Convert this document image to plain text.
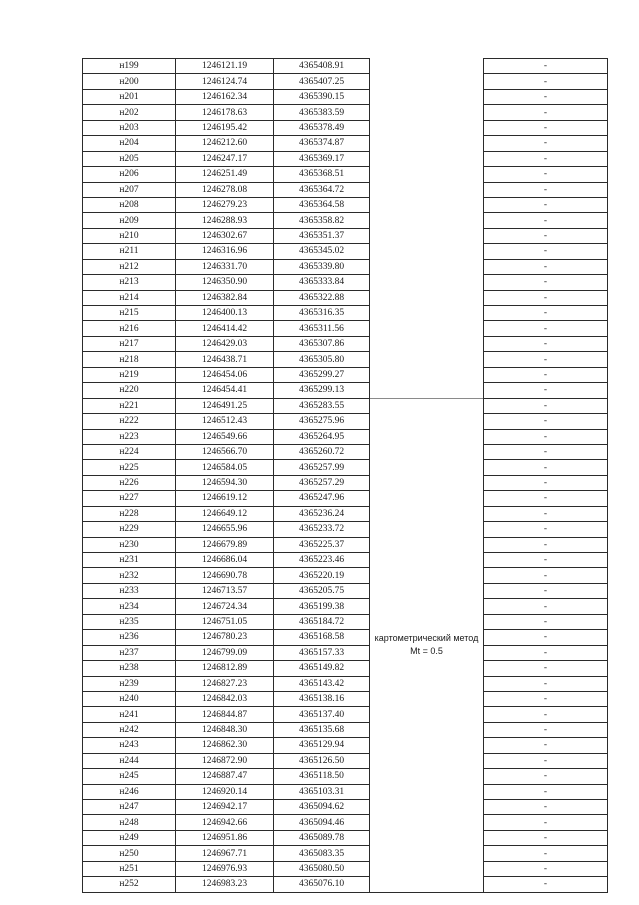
н199	1246121.19	4365408.91		-
н200	1246124.74	4365407.25		-
н201	1246162.34	4365390.15		-
н202	1246178.63	4365383.59		-
н203	1246195.42	4365378.49		-
н204	1246212.60	4365374.87		-
н205	1246247.17	4365369.17		-
н206	1246251.49	4365368.51		-
н207	1246278.08	4365364.72		-
н208	1246279.23	4365364.58		-
н209	1246288.93	4365358.82		-
н210	1246302.67	4365351.37		-
н211	1246316.96	4365345.02		-
н212	1246331.70	4365339.80		-
н213	1246350.90	4365333.84		-
н214	1246382.84	4365322.88		-
н215	1246400.13	4365316.35		-
н216	1246414.42	4365311.56		-
н217	1246429.03	4365307.86		-
н218	1246438.71	4365305.80		-
н219	1246454.06	4365299.27		-
н220	1246454.41	4365299.13		-
н221	1246491.25	4365283.55	картометрический метод Mt = 0.5	-
н222	1246512.43	4365275.96		-
н223	1246549.66	4365264.95		-
н224	1246566.70	4365260.72		-
н225	1246584.05	4365257.99		-
н226	1246594.30	4365257.29		-
н227	1246619.12	4365247.96		-
н228	1246649.12	4365236.24		-
н229	1246655.96	4365233.72		-
н230	1246679.89	4365225.37		-
н231	1246686.04	4365223.46		-
н232	1246690.78	4365220.19		-
н233	1246713.57	4365205.75		-
н234	1246724.34	4365199.38		-
н235	1246751.05	4365184.72		-
н236	1246780.23	4365168.58		-
н237	1246799.09	4365157.33		-
н238	1246812.89	4365149.82		-
н239	1246827.23	4365143.42		-
н240	1246842.03	4365138.16		-
н241	1246844.87	4365137.40		-
н242	1246848.30	4365135.68		-
н243	1246862.30	4365129.94		-
н244	1246872.90	4365126.50		-
н245	1246887.47	4365118.50		-
н246	1246920.14	4365103.31		-
н247	1246942.17	4365094.62		-
н248	1246942.66	4365094.46		-
н249	1246951.86	4365089.78		-
н250	1246967.71	4365083.35		-
н251	1246976.93	4365080.50		-
н252	1246983.23	4365076.10		-
